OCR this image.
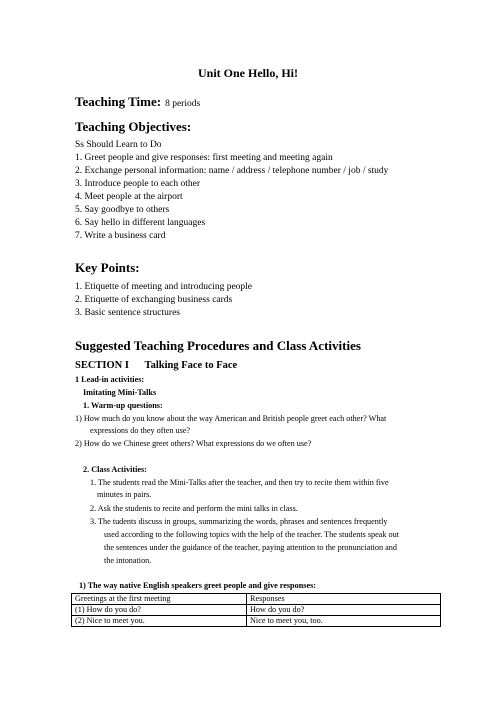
Unit One Hello, Hi!
Teaching Time: 8 periods
Teaching Objectives:
Ss Should Learn to Do
1. Greet people and give responses: first meeting and meeting again
2. Exchange personal information: name / address / telephone number / job / study
3. Introduce people to each other
4. Meet people at the airport
5. Say goodbye to others
6. Say hello in different languages
7. Write a business card
Key Points:
1. Etiquette of meeting and introducing people
2. Etiquette of exchanging business cards
3. Basic sentence structures
Suggested Teaching Procedures and Class Activities
SECTION I      Talking Face to Face
1 Lead-in activities:
Imitating Mini-Talks
1. Warm-up questions:
1) How much do you know about the way American and British people greet each other? What
expressions do they often use?
2) How do we Chinese greet others? What expressions do we often use?
2. Class Activities:
1. The students read the Mini-Talks after the teacher, and then try to recite them within five
minutes in pairs.
2. Ask the students to recite and perform the mini talks in class.
3. The tudents discuss in groups, summarizing the words, phrases and sentences frequently
used according to the following topics with the help of the teacher. The students speak out
the sentences under the guidance of the teacher, paying attention to the pronunciation and
the intonation.
1) The way native English speakers greet people and give responses:
Greetings at the first meeting	Responses
(1) How do you do?	How do you do?
(2) Nice to meet you.	Nice to meet you, too.
